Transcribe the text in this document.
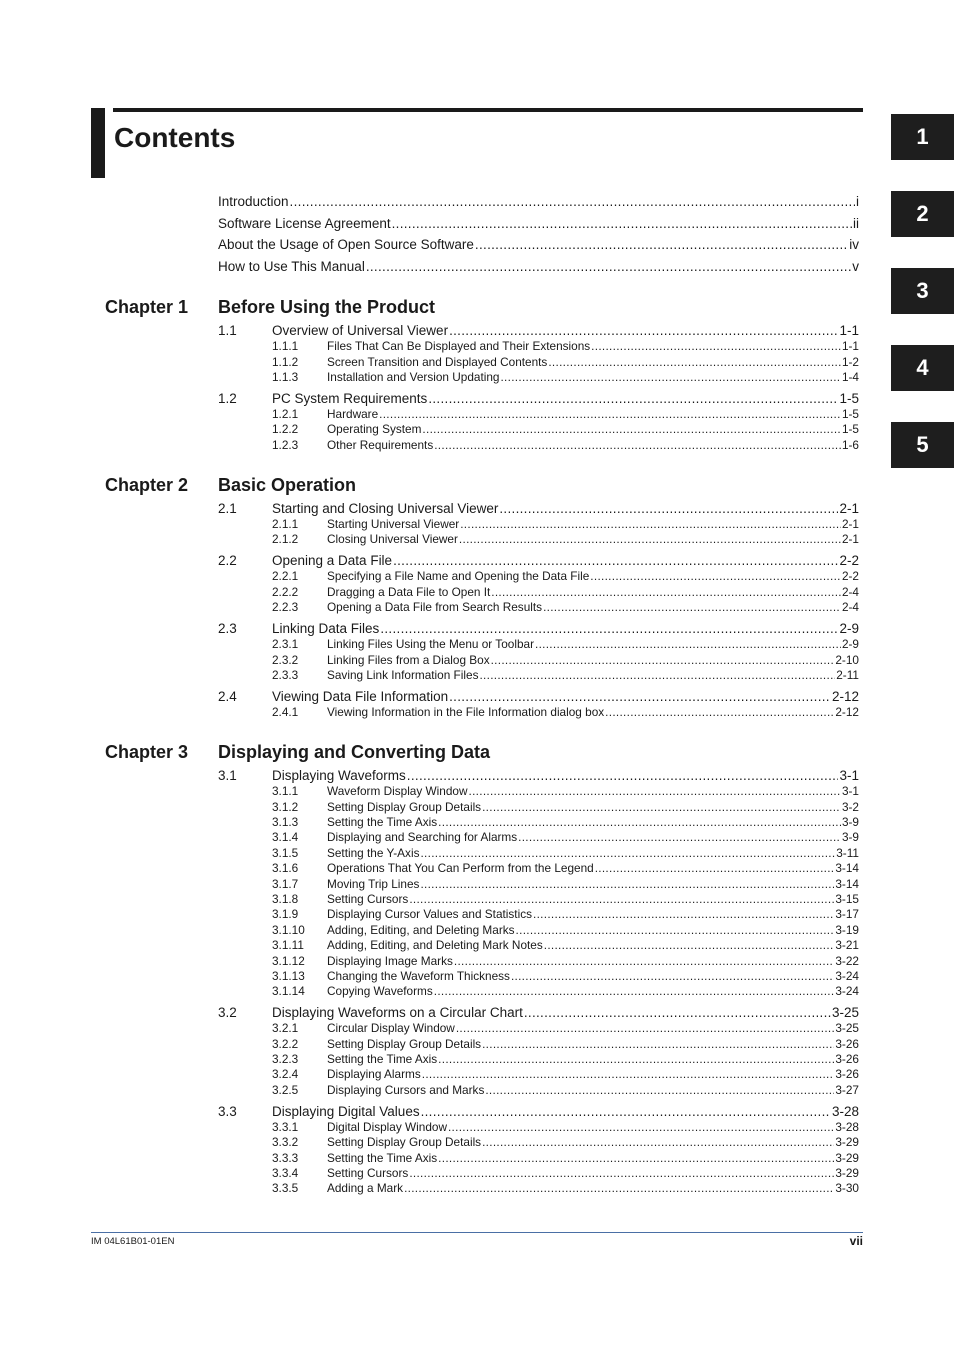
Contents	1
2
3
4
5
Introduction .....	i
Software License Agreement .....	ii
About the Usage of Open Source Software .....	iv
How to Use This Manual .....	v
Chapter 1 Before Using the Product
1.1	Overview of Universal Viewer .....	1-1
1.1.1	Files That Can Be Displayed and Their Extensions .....	1-1
1.1.2	Screen Transition and Displayed Contents .....	1-2
1.1.3	Installation and Version Updating .....	1-4
1.2	PC System Requirements .....	1-5
1.2.1	Hardware .....	1-5
1.2.2	Operating System .....	1-5
1.2.3	Other Requirements .....	1-6
Chapter 2 Basic Operation
2.1	Starting and Closing Universal Viewer .....	2-1
2.1.1	Starting Universal Viewer .....	2-1
2.1.2	Closing Universal Viewer .....	2-1
2.2	Opening a Data File .....	2-2
2.2.1	Specifying a File Name and Opening the Data File .....	2-2
2.2.2	Dragging a Data File to Open It .....	2-4
2.2.3	Opening a Data File from Search Results .....	2-4
2.3	Linking Data Files .....	2-9
2.3.1	Linking Files Using the Menu or Toolbar .....	2-9
2.3.2	Linking Files from a Dialog Box .....	2-10
2.3.3	Saving Link Information Files .....	2-11
2.4	Viewing Data File Information .....	2-12
2.4.1	Viewing Information in the File Information dialog box .....	2-12
Chapter 3 Displaying and Converting Data
3.1	Displaying Waveforms .....	3-1
3.1.1	Waveform Display Window .....	3-1
3.1.2	Setting Display Group Details .....	3-2
3.1.3	Setting the Time Axis .....	3-9
3.1.4	Displaying and Searching for Alarms .....	3-9
3.1.5	Setting the Y-Axis .....	3-11
3.1.6	Operations That You Can Perform from the Legend .....	3-14
3.1.7	Moving Trip Lines .....	3-14
3.1.8	Setting Cursors .....	3-15
3.1.9	Displaying Cursor Values and Statistics .....	3-17
3.1.10	Adding, Editing, and Deleting Marks .....	3-19
3.1.11	Adding, Editing, and Deleting Mark Notes .....	3-21
3.1.12	Displaying Image Marks .....	3-22
3.1.13	Changing the Waveform Thickness .....	3-24
3.1.14	Copying Waveforms .....	3-24
3.2	Displaying Waveforms on a Circular Chart .....	3-25
3.2.1	Circular Display Window .....	3-25
3.2.2	Setting Display Group Details .....	3-26
3.2.3	Setting the Time Axis .....	3-26
3.2.4	Displaying Alarms .....	3-26
3.2.5	Displaying Cursors and Marks .....	3-27
3.3	Displaying Digital Values .....	3-28
3.3.1	Digital Display Window .....	3-28
3.3.2	Setting Display Group Details .....	3-29
3.3.3	Setting the Time Axis .....	3-29
3.3.4	Setting Cursors .....	3-29
3.3.5	Adding a Mark .....	3-30
IM 04L61B01-01EN	vii
